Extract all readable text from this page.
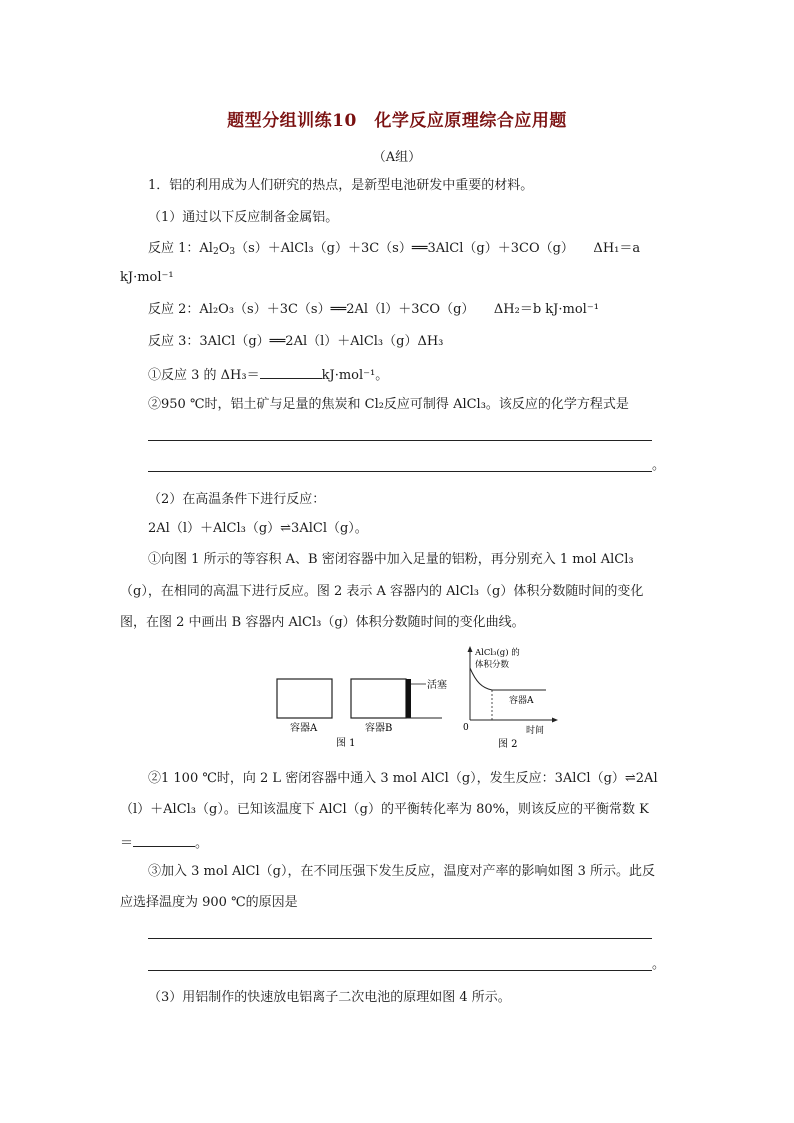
题型分组训练10　化学反应原理综合应用题
（A组）
1．铝的利用成为人们研究的热点，是新型电池研发中重要的材料。
（1）通过以下反应制备金属铝。
反应 1：$Al_2O_3(s)+AlCl_3(g)+3C(s)══3AlCl(g)+3CO(g)$　　ΔH₁＝a
kJ·mol⁻¹
反应 2：Al₂O₃（s）＋3C（s）══2Al（l）＋3CO（g）　　ΔH₂＝b kJ·mol⁻¹
反应 3：3AlCl（g）══2Al（l）＋AlCl₃（g）ΔH₃
①反应 3 的 ΔH₃＝	kJ·mol⁻¹。
②950 ℃时，铝土矿与足量的焦炭和 Cl₂反应可制得 AlCl₃。该反应的化学方程式是
。
（2）在高温条件下进行反应：
2Al（l）＋AlCl₃（g）⇌3AlCl（g）。
①向图 1 所示的等容积 A、B 密闭容器中加入足量的铝粉，再分别充入 1 mol AlCl₃
（g），在相同的高温下进行反应。图 2 表示 A 容器内的 AlCl₃（g）体积分数随时间的变化
图，在图 2 中画出 B 容器内 AlCl₃（g）体积分数随时间的变化曲线。
活塞
容器A	容器B
图 1
AlCl₃(g) 的
体积分数
容器A
0	时间
图 2
②1 100 ℃时，向 2 L 密闭容器中通入 3 mol AlCl（g），发生反应：3AlCl（g）⇌2Al
（l）＋AlCl₃（g）。已知该温度下 AlCl（g）的平衡转化率为 80%，则该反应的平衡常数 K
＝	。
③加入 3 mol AlCl（g），在不同压强下发生反应，温度对产率的影响如图 3 所示。此反
应选择温度为 900 ℃的原因是
。
（3）用铝制作的快速放电铝离子二次电池的原理如图 4 所示。
